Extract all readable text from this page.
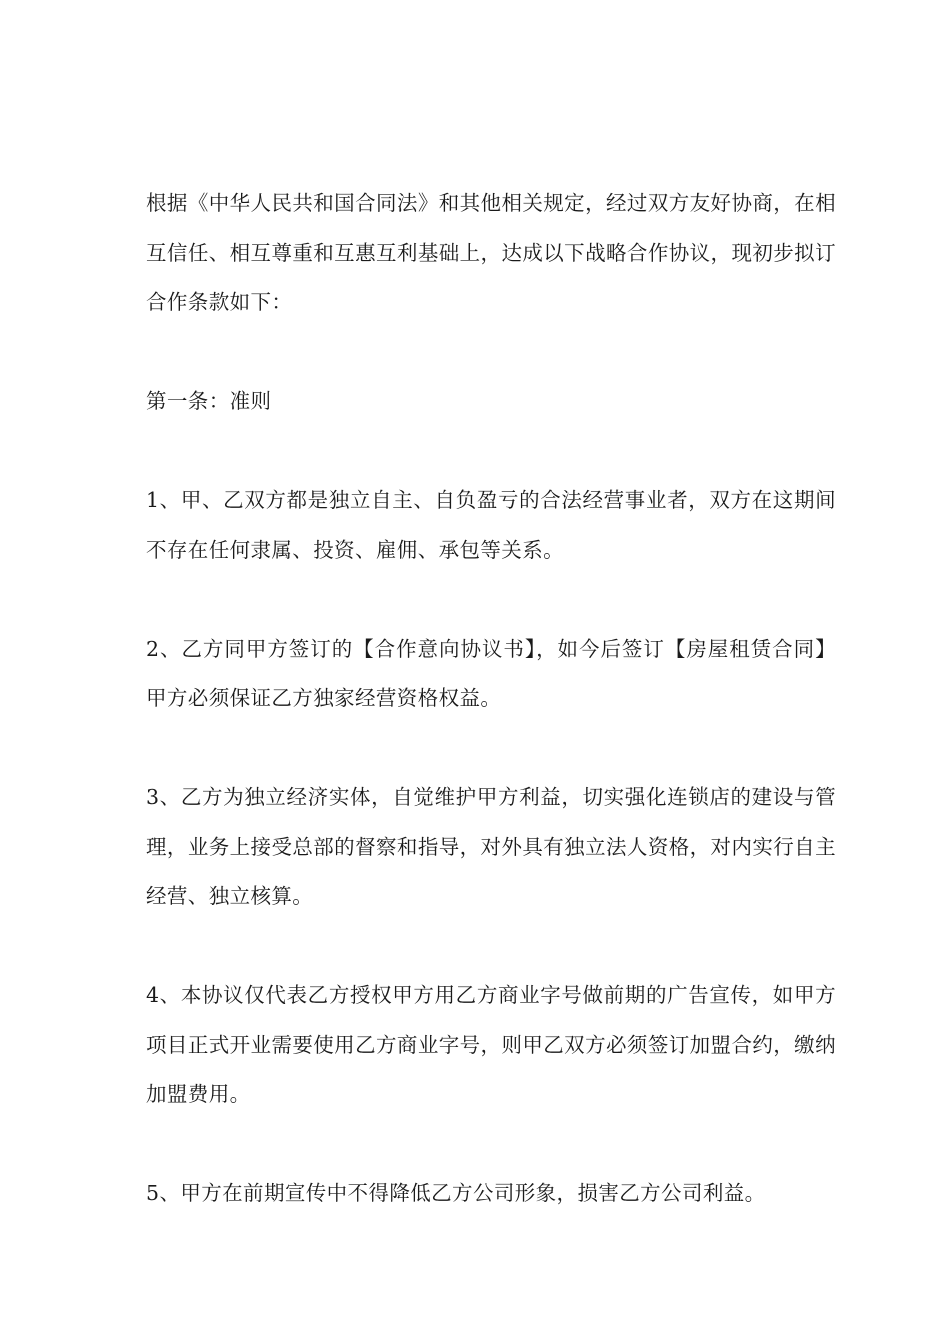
根据《中华人民共和国合同法》和其他相关规定，经过双方友好协商，在相互信任、相互尊重和互惠互利基础上，达成以下战略合作协议，现初步拟订合作条款如下：

第一条：准则

1、甲、乙双方都是独立自主、自负盈亏的合法经营事业者，双方在这期间不存在任何隶属、投资、雇佣、承包等关系。

2、乙方同甲方签订的【合作意向协议书】，如今后签订【房屋租赁合同】甲方必须保证乙方独家经营资格权益。

3、乙方为独立经济实体，自觉维护甲方利益，切实强化连锁店的建设与管理，业务上接受总部的督察和指导，对外具有独立法人资格，对内实行自主经营、独立核算。

4、本协议仅代表乙方授权甲方用乙方商业字号做前期的广告宣传，如甲方项目正式开业需要使用乙方商业字号，则甲乙双方必须签订加盟合约，缴纳加盟费用。

5、甲方在前期宣传中不得降低乙方公司形象，损害乙方公司利益。
